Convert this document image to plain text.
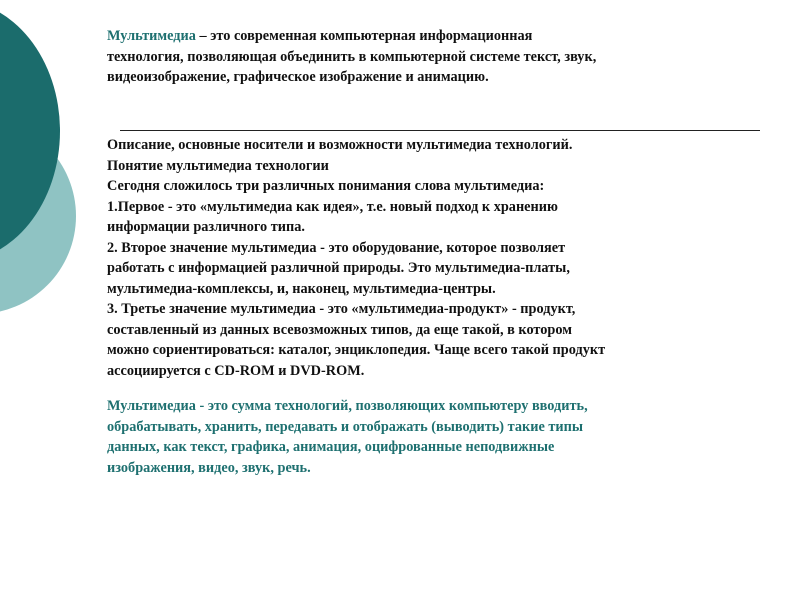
Мультимедиа – это современная компьютерная информационная

технология, позволяющая объединить в компьютерной системе текст, звук,

видеоизображение, графическое изображение и анимацию.

Описание, основные носители и возможности мультимедиа технологий.

Понятие мультимедиа технологии

Сегодня сложилось три различных понимания слова мультимедиа:

1.Первое - это «мультимедиа как идея», т.е. новый подход к хранению

информации различного типа.

2. Второе значение мультимедиа - это оборудование, которое позволяет

работать с информацией различной природы. Это мультимедиа-платы,

мультимедиа-комплексы, и, наконец, мультимедиа-центры.

3. Третье значение мультимедиа - это «мультимедиа-продукт» - продукт,

составленный из данных всевозможных типов, да еще такой, в котором

можно сориентироваться: каталог, энциклопедия. Чаще всего такой продукт

ассоциируется с CD-ROM и DVD-ROM.

Мультимедиа - это сумма технологий, позволяющих компьютеру вводить,

обрабатывать, хранить, передавать и отображать (выводить) такие типы

данных, как текст, графика, анимация, оцифрованные неподвижные

изображения, видео, звук, речь.
